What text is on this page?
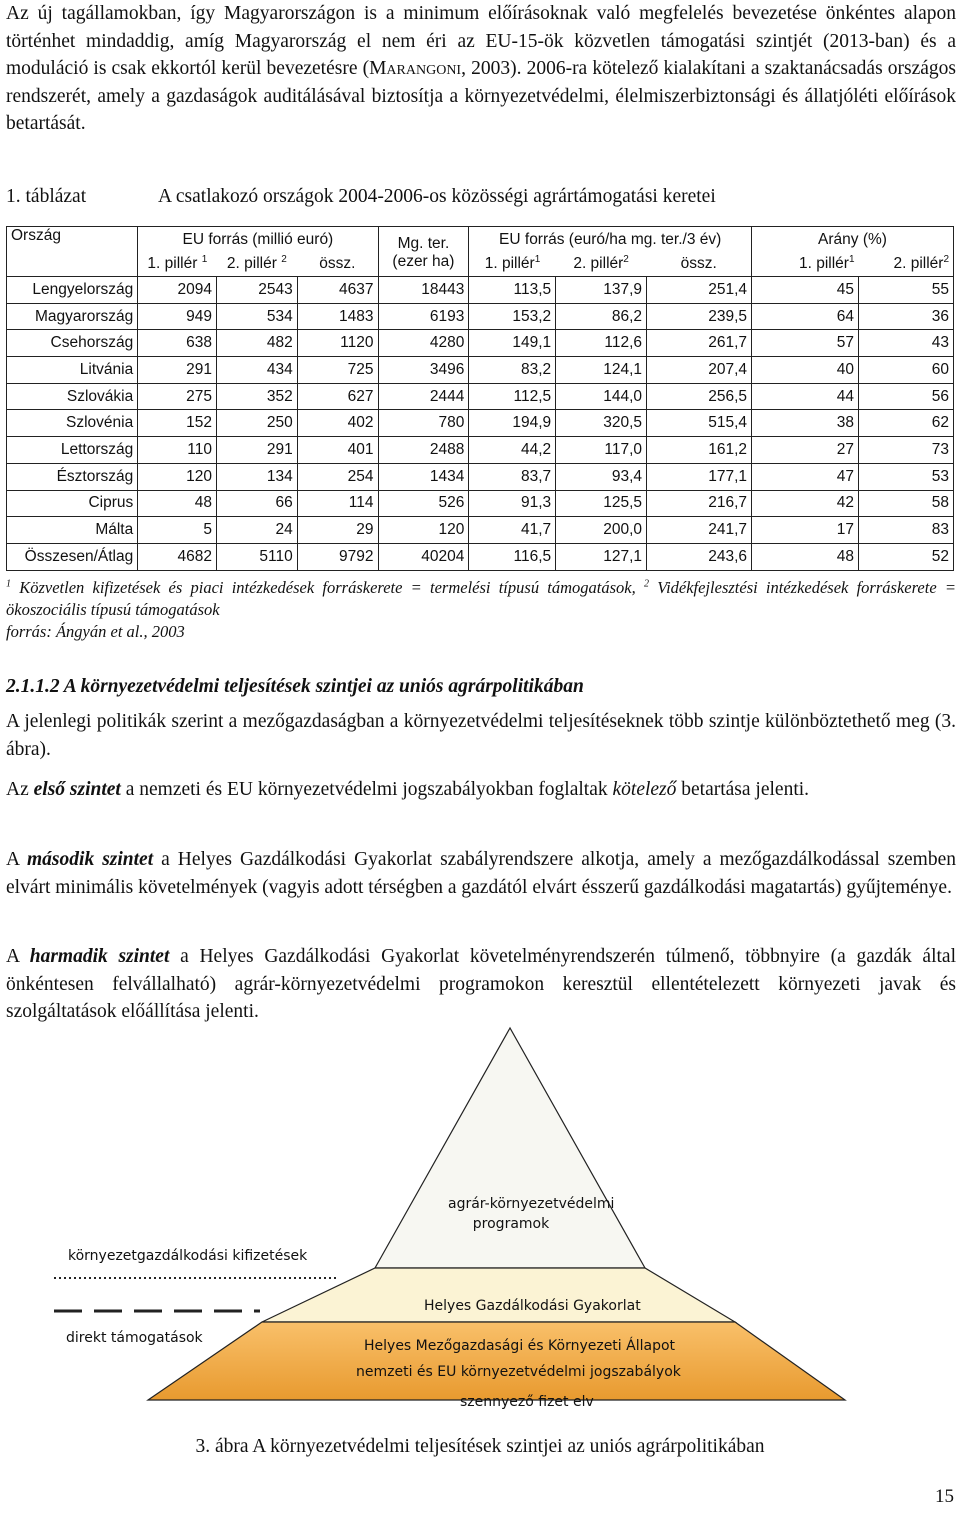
Az új tagállamokban, így Magyarországon is a minimum előírásoknak való megfelelés bevezetése önkéntes alapon történhet mindaddig, amíg Magyarország el nem éri az EU-15-ök közvetlen támogatási szintjét (2013-ban) és a moduláció is csak ekkortól kerül bevezetésre (Marangoni, 2003). 2006-ra kötelező kialakítani a szaktanácsadás országos rendszerét, amely a gazdaságok auditálásával biztosítja a környezetvédelmi, élelmiszerbiztonsági és állatjóléti előírások betartását.

1. táblázat	A csatlakozó országok 2004-2006-os közösségi agrártámogatási keretei
Ország	EU forrás (millió euró)			Mg. ter.	EU forrás (euró/ha mg. ter./3 év)			Arány (%)	
	1. pillér $^1$	2. pillér $^2$	össz.	(ezer ha)	1. pillér$^1$	2. pillér$^2$	össz.	1. pillér$^1$	2. pillér$^2$
Lengyelország	2094	2543	4637	18443	113,5	137,9	251,4	45	55
Magyarország	949	534	1483	6193	153,2	86,2	239,5	64	36
Csehország	638	482	1120	4280	149,1	112,6	261,7	57	43
Litvánia	291	434	725	3496	83,2	124,1	207,4	40	60
Szlovákia	275	352	627	2444	112,5	144,0	256,5	44	56
Szlovénia	152	250	402	780	194,9	320,5	515,4	38	62
Lettország	110	291	401	2488	44,2	117,0	161,2	27	73
Észtország	120	134	254	1434	83,7	93,4	177,1	47	53
Ciprus	48	66	114	526	91,3	125,5	216,7	42	58
Málta	5	24	29	120	41,7	200,0	241,7	17	83
Összesen/Átlag	4682	5110	9792	40204	116,5	127,1	243,6	48	52
$^1$ Közvetlen kifizetések és piaci intézkedések forráskerete = termelési típusú támogatások, $^2$ Vidékfejlesztési intézkedések forráskerete = ökoszociális típusú támogatások
forrás: Ángyán et al., 2003
2.1.1.2 A környezetvédelmi teljesítések szintjei az uniós agrárpolitikában

A jelenlegi politikák szerint a mezőgazdaságban a környezetvédelmi teljesítéseknek több szintje különböztethető meg (3. ábra).

Az első szintet a nemzeti és EU környezetvédelmi jogszabályokban foglaltak kötelező betartása jelenti.

A második szintet a Helyes Gazdálkodási Gyakorlat szabályrendszere alkotja, amely a mezőgazdálkodással szemben elvárt minimális követelmények (vagyis adott térségben a gazdától elvárt ésszerű gazdálkodási magatartás) gyűjteménye.

A harmadik szintet a Helyes Gazdálkodási Gyakorlat követelményrendszerén túlmenő, többnyire (a gazdák által önkéntesen felvállalható) agrár-környezetvédelmi programokon keresztül ellentételezett környezeti javak és szolgáltatások előállítása jelenti.

agrár-környezetvédelmi
programok
Helyes Gazdálkodási Gyakorlat
Helyes Mezőgazdasági és Környezeti Állapot
nemzeti és EU környezetvédelmi jogszabályok
szennyező fizet elv
környezetgazdálkodási kifizetések
direkt támogatások
3. ábra A környezetvédelmi teljesítések szintjei az uniós agrárpolitikában
15
